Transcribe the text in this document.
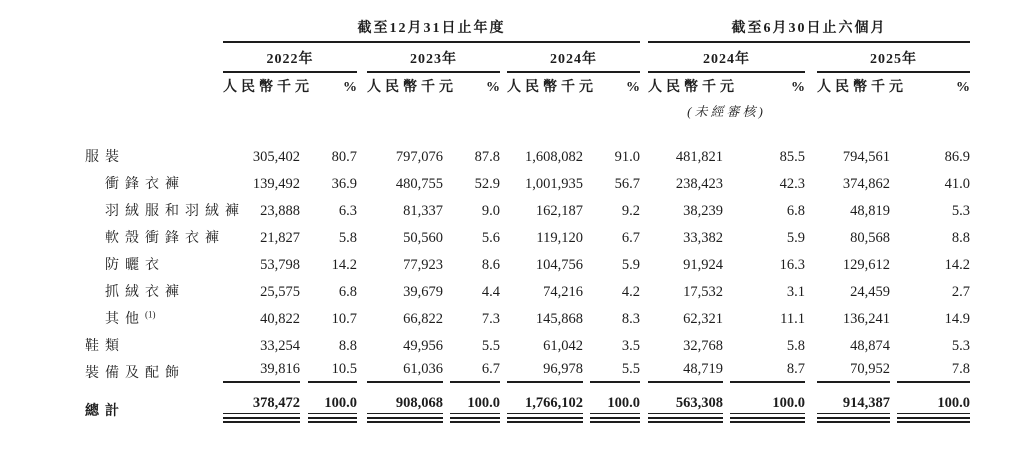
	截至12月31日止年度												截至6月30日止六個月						
	2022年				2023年				2024年				2024年				2025年		
	人民幣千元		%		人民幣千元		%		人民幣千元		%		人民幣千元		%		人民幣千元		%
													(未經審核)						
服裝	305,402		80.7		797,076		87.8		1,608,082		91.0		481,821		85.5		794,561		86.9
衝鋒衣褲	139,492		36.9		480,755		52.9		1,001,935		56.7		238,423		42.3		374,862		41.0
羽絨服和羽絨褲	23,888		6.3		81,337		9.0		162,187		9.2		38,239		6.8		48,819		5.3
軟殼衝鋒衣褲	21,827		5.8		50,560		5.6		119,120		6.7		33,382		5.9		80,568		8.8
防曬衣	53,798		14.2		77,923		8.6		104,756		5.9		91,924		16.3		129,612		14.2
抓絨衣褲	25,575		6.8		39,679		4.4		74,216		4.2		17,532		3.1		24,459		2.7
其他$^{(1)}$	40,822		10.7		66,822		7.3		145,868		8.3		62,321		11.1		136,241		14.9
鞋類	33,254		8.8		49,956		5.5		61,042		3.5		32,768		5.8		48,874		5.3
裝備及配飾	39,816		10.5		61,036		6.7		96,978		5.5		48,719		8.7		70,952		7.8
總計	378,472		100.0		908,068		100.0		1,766,102		100.0		563,308		100.0		914,387		100.0
